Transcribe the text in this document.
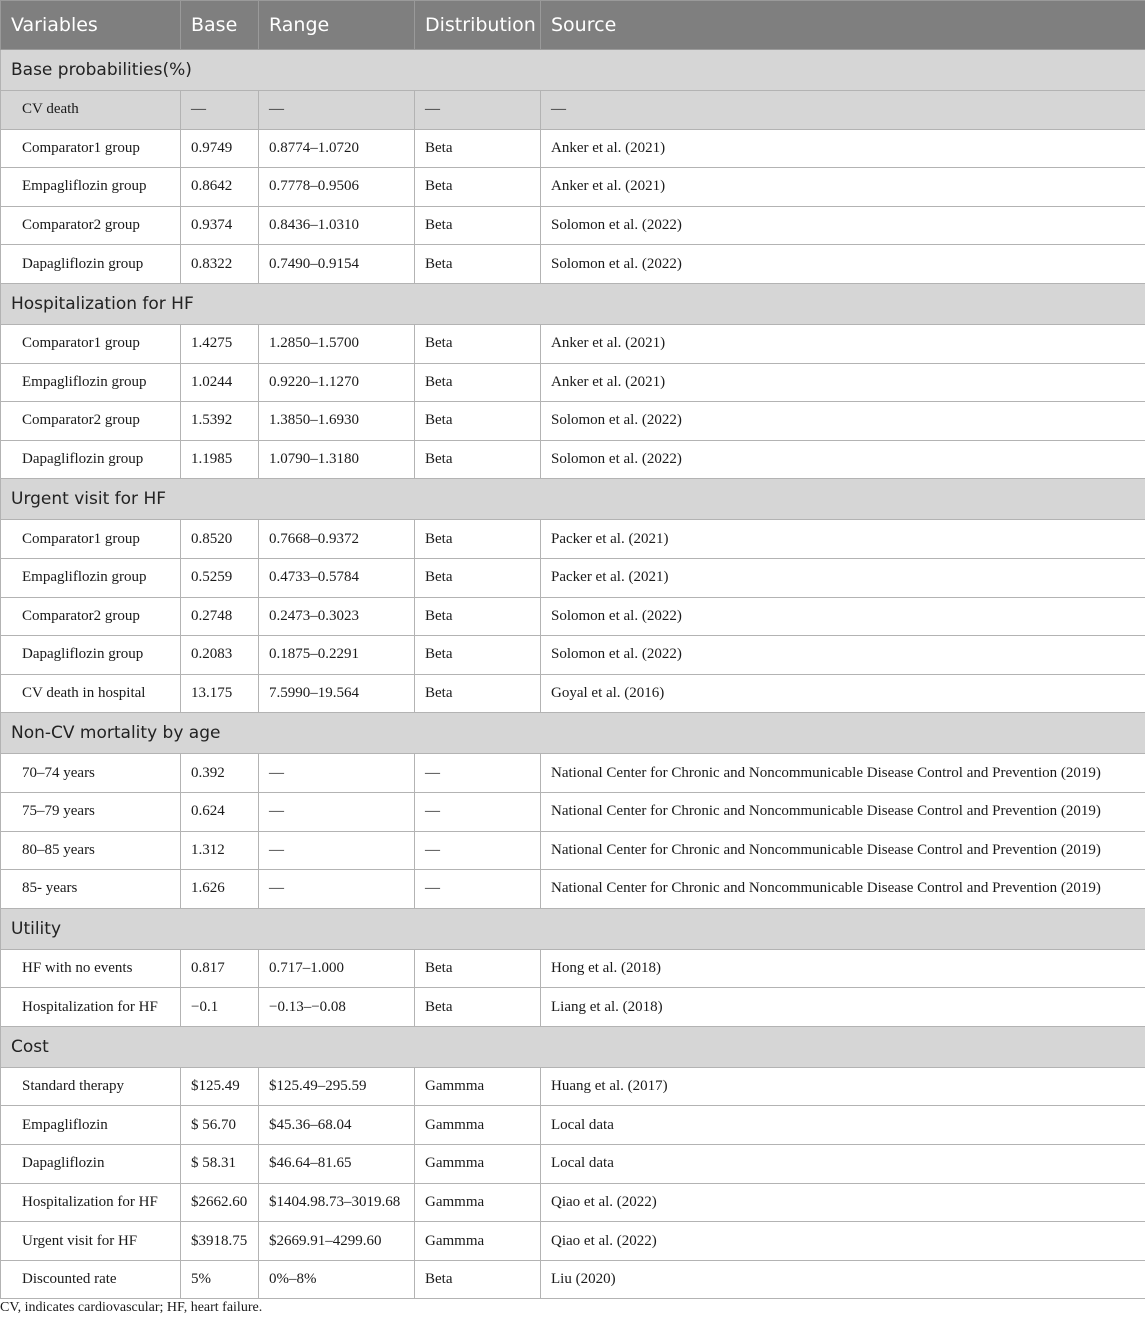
Variables	Base	Range	Distribution	Source
Base probabilities(%)				
CV death	—	—	—	—
Comparator1 group	0.9749	0.8774–1.0720	Beta	Anker et al. (2021)
Empagliflozin group	0.8642	0.7778–0.9506	Beta	Anker et al. (2021)
Comparator2 group	0.9374	0.8436–1.0310	Beta	Solomon et al. (2022)
Dapagliflozin group	0.8322	0.7490–0.9154	Beta	Solomon et al. (2022)
Hospitalization for HF				
Comparator1 group	1.4275	1.2850–1.5700	Beta	Anker et al. (2021)
Empagliflozin group	1.0244	0.9220–1.1270	Beta	Anker et al. (2021)
Comparator2 group	1.5392	1.3850–1.6930	Beta	Solomon et al. (2022)
Dapagliflozin group	1.1985	1.0790–1.3180	Beta	Solomon et al. (2022)
Urgent visit for HF				
Comparator1 group	0.8520	0.7668–0.9372	Beta	Packer et al. (2021)
Empagliflozin group	0.5259	0.4733–0.5784	Beta	Packer et al. (2021)
Comparator2 group	0.2748	0.2473–0.3023	Beta	Solomon et al. (2022)
Dapagliflozin group	0.2083	0.1875–0.2291	Beta	Solomon et al. (2022)
CV death in hospital	13.175	7.5990–19.564	Beta	Goyal et al. (2016)
Non-CV mortality by age				
70–74 years	0.392	—	—	National Center for Chronic and Noncommunicable Disease Control and Prevention (2019)
75–79 years	0.624	—	—	National Center for Chronic and Noncommunicable Disease Control and Prevention (2019)
80–85 years	1.312	—	—	National Center for Chronic and Noncommunicable Disease Control and Prevention (2019)
85- years	1.626	—	—	National Center for Chronic and Noncommunicable Disease Control and Prevention (2019)
Utility				
HF with no events	0.817	0.717–1.000	Beta	Hong et al. (2018)
Hospitalization for HF	−0.1	−0.13–−0.08	Beta	Liang et al. (2018)
Cost				
Standard therapy	$125.49	$125.49–295.59	Gammma	Huang et al. (2017)
Empagliflozin	$ 56.70	$45.36–68.04	Gammma	Local data
Dapagliflozin	$ 58.31	$46.64–81.65	Gammma	Local data
Hospitalization for HF	$2662.60	$1404.98.73–3019.68	Gammma	Qiao et al. (2022)
Urgent visit for HF	$3918.75	$2669.91–4299.60	Gammma	Qiao et al. (2022)
Discounted rate	5%	0%–8%	Beta	Liu (2020)
CV, indicates cardiovascular; HF, heart failure.
